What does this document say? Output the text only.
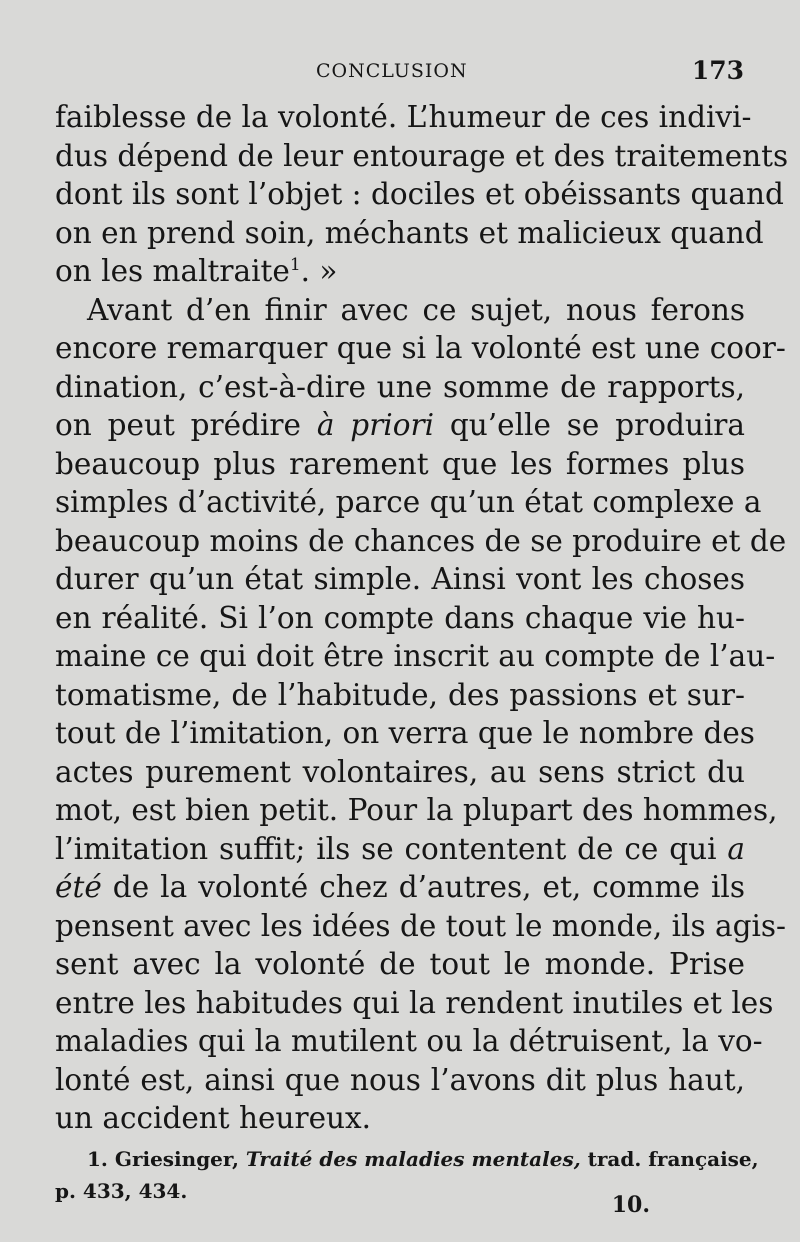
CONCLUSION	173
faiblesse de la volonté. L’humeur de ces indivi-
dus dépend de leur entourage et des traitements
dont ils sont l’objet : dociles et obéissants quand
on en prend soin, méchants et malicieux quand
on les maltraite$^1$. »
Avant d’en finir avec ce sujet, nous ferons
encore remarquer que si la volonté est une coor-
dination, c’est-à-dire une somme de rapports,
on peut prédire à priori qu’elle se produira
beaucoup plus rarement que les formes plus
simples d’activité, parce qu’un état complexe a
beaucoup moins de chances de se produire et de
durer qu’un état simple. Ainsi vont les choses
en réalité. Si l’on compte dans chaque vie hu-
maine ce qui doit être inscrit au compte de l’au-
tomatisme, de l’habitude, des passions et sur-
tout de l’imitation, on verra que le nombre des
actes purement volontaires, au sens strict du
mot, est bien petit. Pour la plupart des hommes,
l’imitation suffit; ils se contentent de ce qui a
été de la volonté chez d’autres, et, comme ils
pensent avec les idées de tout le monde, ils agis-
sent avec la volonté de tout le monde. Prise
entre les habitudes qui la rendent inutiles et les
maladies qui la mutilent ou la détruisent, la vo-
lonté est, ainsi que nous l’avons dit plus haut,
un accident heureux.
1. Griesinger, Traité des maladies mentales, trad. française,
p. 433, 434.
10.
